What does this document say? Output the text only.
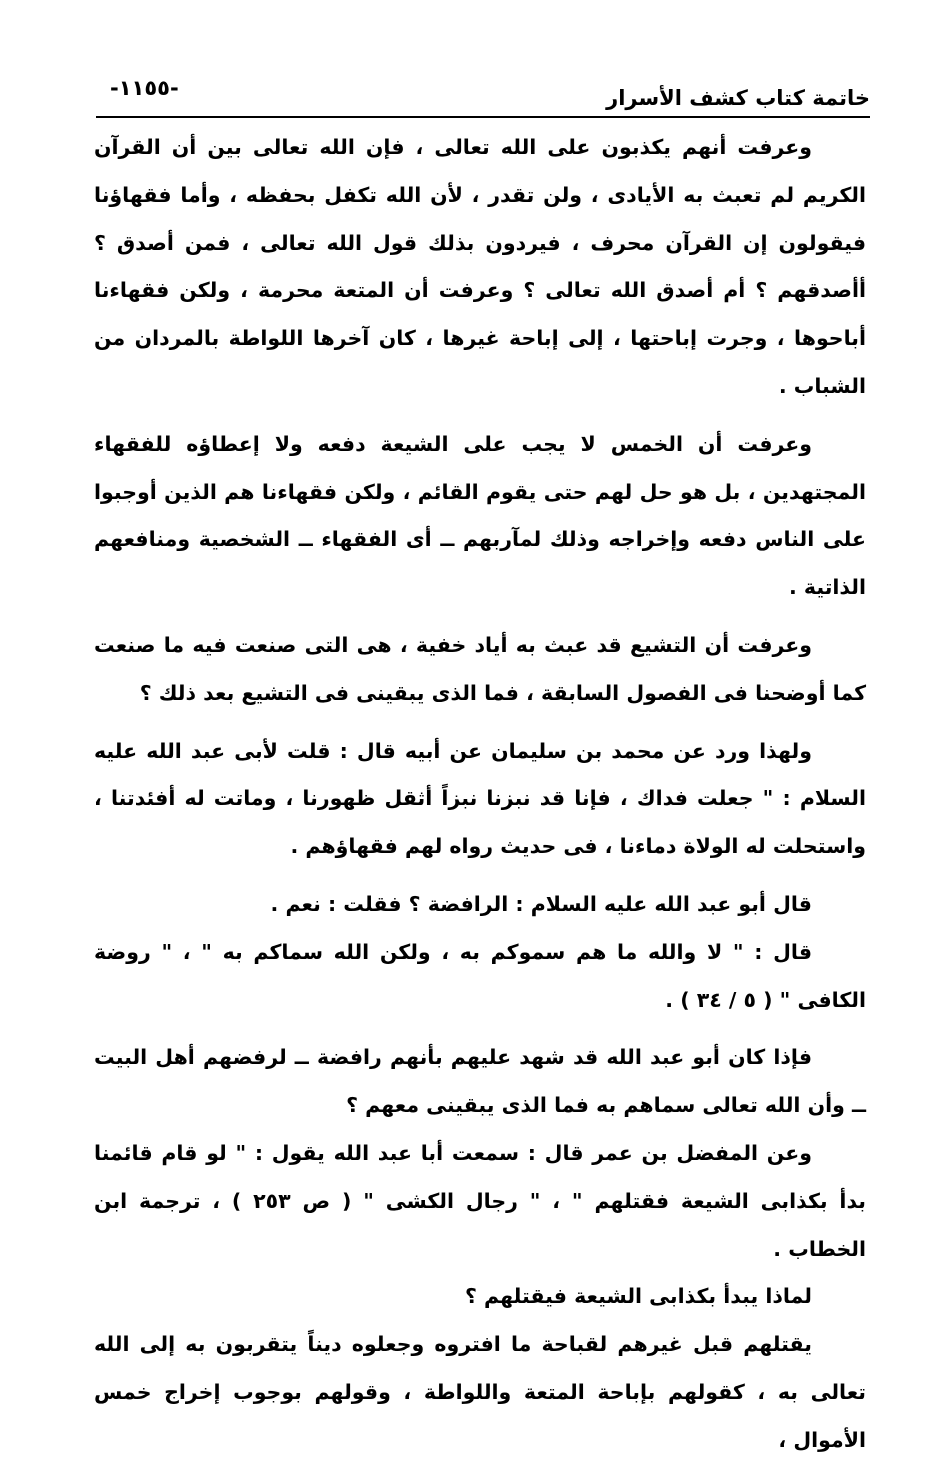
خاتمة كتاب كشف الأسرار
-١١٥٥-

وعرفت أنهم يكذبون على الله تعالى ، فإن الله تعالى بين أن القرآن الكريم لم تعبث به الأيادى ، ولن تقدر ، لأن الله تكفل بحفظه ، وأما فقهاؤنا فيقولون إن القرآن محرف ، فيردون بذلك قول الله تعالى ، فمن أصدق ؟ أأصدقهم ؟ أم أصدق الله تعالى ؟ وعرفت أن المتعة محرمة ، ولكن فقهاءنا أباحوها ، وجرت إباحتها ، إلى إباحة غيرها ، كان آخرها اللواطة بالمردان من الشباب .

وعرفت أن الخمس لا يجب على الشيعة دفعه ولا إعطاؤه للفقهاء المجتهدين ، بل هو حل لهم حتى يقوم القائم ، ولكن فقهاءنا هم الذين أوجبوا على الناس دفعه وإخراجه وذلك لمآربهم ــ أى الفقهاء ــ الشخصية ومنافعهم الذاتية .

وعرفت أن التشيع قد عبث به أياد خفية ، هى التى صنعت فيه ما صنعت كما أوضحنا فى الفصول السابقة ، فما الذى يبقينى فى التشيع بعد ذلك ؟

ولهذا ورد عن محمد بن سليمان عن أبيه قال : قلت لأبى عبد الله عليه السلام : " جعلت فداك ، فإنا قد نبزنا نبزاً أثقل ظهورنا ، وماتت له أفئدتنا ، واستحلت له الولاة دماءنا ، فى حديث رواه لهم فقهاؤهم .

قال أبو عبد الله عليه السلام : الرافضة ؟ فقلت : نعم .

قال : " لا والله ما هم سموكم به ، ولكن الله سماكم به " ، " روضة الكافى " ( ٥ / ٣٤ ) .

فإذا كان أبو عبد الله قد شهد عليهم بأنهم رافضة ــ لرفضهم أهل البيت ــ وأن الله تعالى سماهم به فما الذى يبقينى معهم ؟

وعن المفضل بن عمر قال : سمعت أبا عبد الله يقول : " لو قام قائمنا بدأ بكذابى الشيعة فقتلهم " ، " رجال الكشى " ( ص ٢٥٣ ) ، ترجمة ابن الخطاب .

لماذا يبدأ بكذابى الشيعة فيقتلهم ؟

يقتلهم قبل غيرهم لقباحة ما افتروه وجعلوه ديناً يتقربون به إلى الله تعالى به ، كقولهم بإباحة المتعة واللواطة ، وقولهم بوجوب إخراج خمس الأموال ،
